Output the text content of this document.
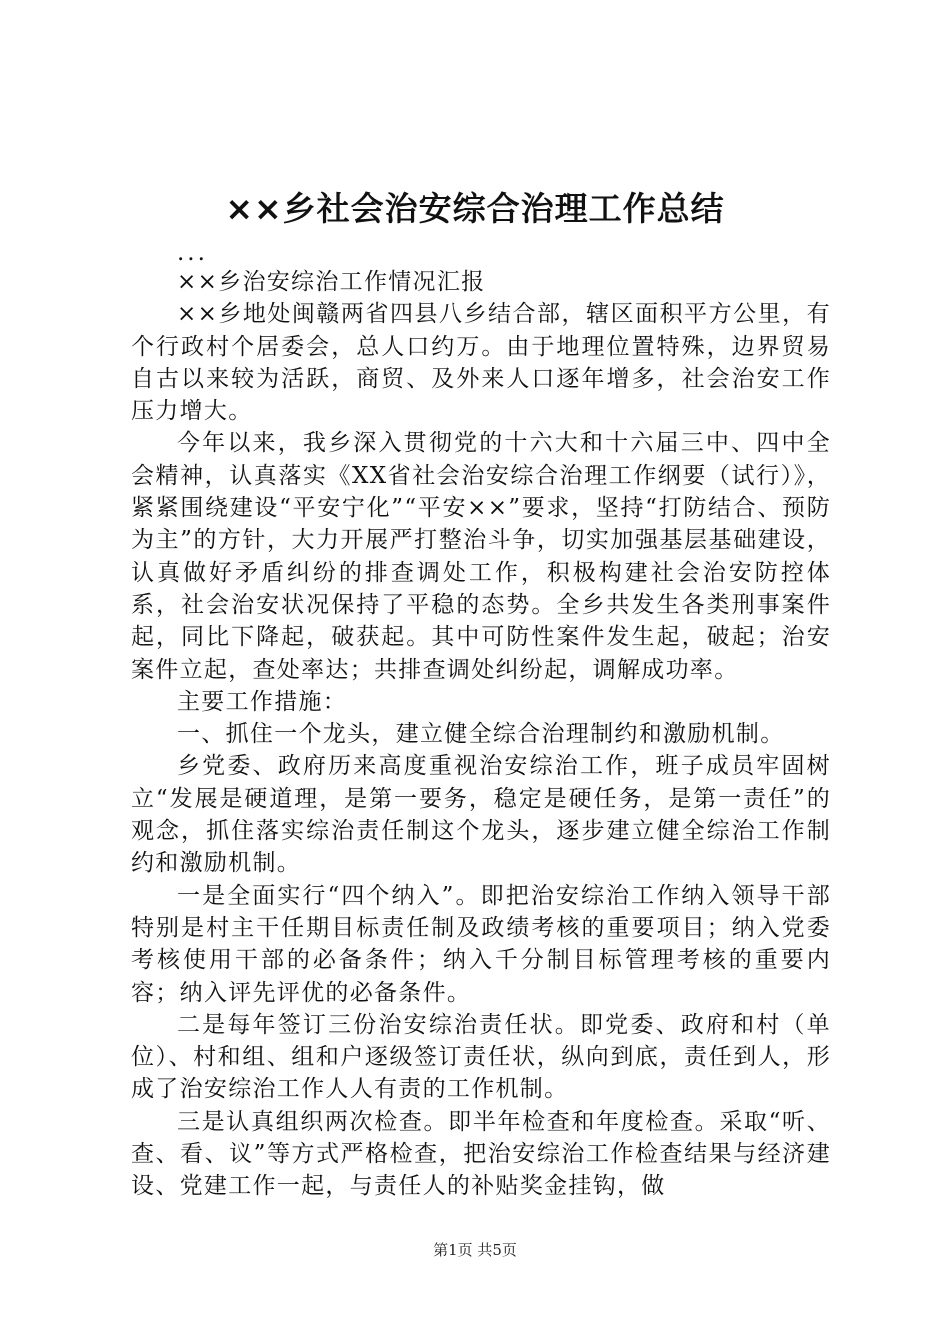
××乡社会治安综合治理工作总结

...

××乡治安综治工作情况汇报

××乡地处闽赣两省四县八乡结合部，辖区面积平方公里，有个行政村个居委会，总人口约万。由于地理位置特殊，边界贸易自古以来较为活跃，商贸、及外来人口逐年增多，社会治安工作压力增大。

今年以来，我乡深入贯彻党的十六大和十六届三中、四中全会精神，认真落实《XX省社会治安综合治理工作纲要（试行）》，紧紧围绕建设“平安宁化”“平安××”要求，坚持“打防结合、预防为主”的方针，大力开展严打整治斗争，切实加强基层基础建设，认真做好矛盾纠纷的排查调处工作，积极构建社会治安防控体系，社会治安状况保持了平稳的态势。全乡共发生各类刑事案件起，同比下降起，破获起。其中可防性案件发生起，破起；治安案件立起，查处率达；共排查调处纠纷起，调解成功率。

主要工作措施：

一、抓住一个龙头，建立健全综合治理制约和激励机制。

乡党委、政府历来高度重视治安综治工作，班子成员牢固树立“发展是硬道理，是第一要务，稳定是硬任务，是第一责任”的观念，抓住落实综治责任制这个龙头，逐步建立健全综治工作制约和激励机制。

一是全面实行“四个纳入”。即把治安综治工作纳入领导干部特别是村主干任期目标责任制及政绩考核的重要项目；纳入党委考核使用干部的必备条件；纳入千分制目标管理考核的重要内容；纳入评先评优的必备条件。

二是每年签订三份治安综治责任状。即党委、政府和村（单位）、村和组、组和户逐级签订责任状，纵向到底，责任到人，形成了治安综治工作人人有责的工作机制。

三是认真组织两次检查。即半年检查和年度检查。采取“听、查、看、议”等方式严格检查，把治安综治工作检查结果与经济建设、党建工作一起，与责任人的补贴奖金挂钩，做

第1页 共5页
